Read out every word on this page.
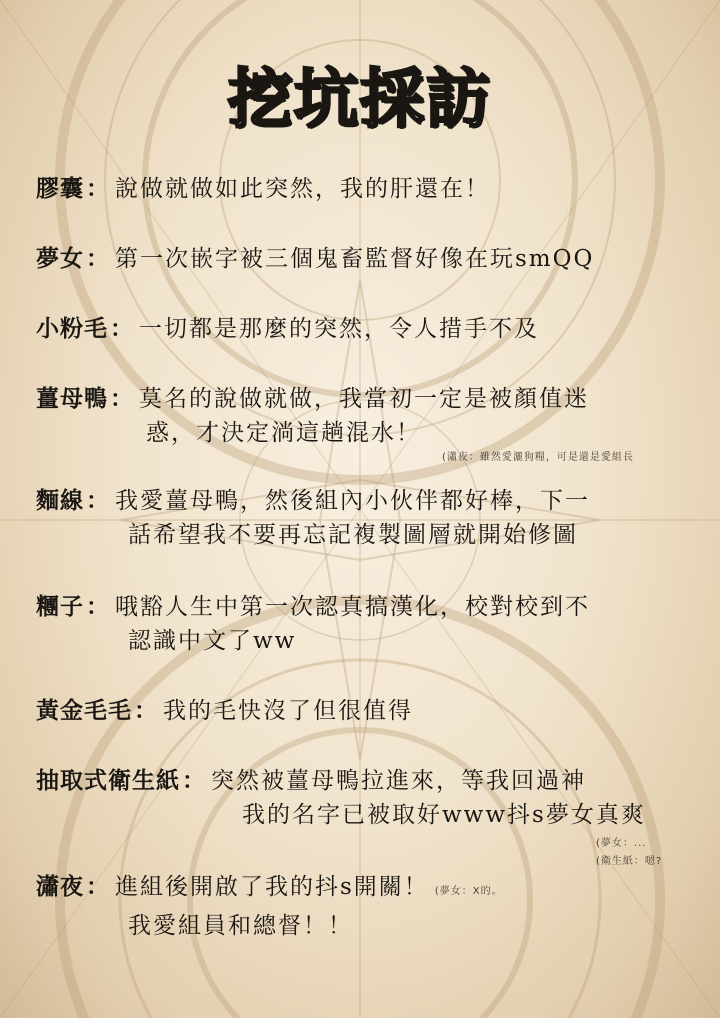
挖坑採訪
膠囊： 說做就做如此突然，我的肝還在！
夢女： 第一次嵌字被三個鬼畜監督好像在玩smQQ
小粉毛： 一切都是那麼的突然，令人措手不及
薑母鴨： 莫名的說做就做，我當初一定是被顏值迷
惑，才決定淌這趟混水！
(瀟夜：雖然愛灑狗糧，可是還是愛組長
麵線： 我愛薑母鴨，然後組內小伙伴都好棒，下一
話希望我不要再忘記複製圖層就開始修圖
糰子： 哦豁人生中第一次認真搞漢化，校對校到不
認識中文了ww
黃金毛毛： 我的毛快沒了但很值得
抽取式衛生紙： 突然被薑母鴨拉進來，等我回過神
我的名字已被取好www抖s夢女真爽
(夢女：...
(衛生紙：嗯?
瀟夜： 進組後開啟了我的抖s開關！ (夢女：X的。
我愛組員和總督！！
